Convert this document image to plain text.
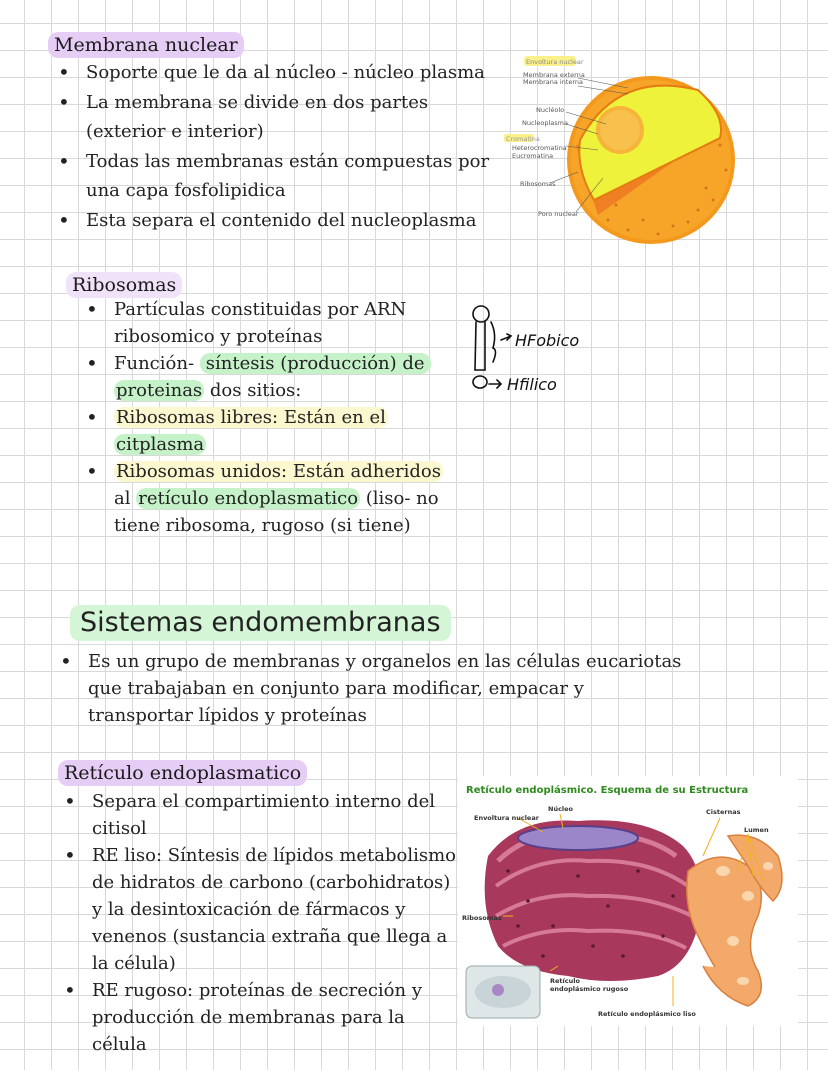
Membrana nuclear
• Soporte que le da al núcleo - núcleo plasma
• La membrana se divide en dos partes
(exterior e interior)
• Todas las membranas están compuestas por
una capa fosfolipidica
• Esta separa el contenido del nucleoplasma
Envoltura nuclear
Membrana externa
Membrana interna
Nucléolo
Nucleoplasma
Cromatina
Heterocromatina
Eucromatina
Ribosomas
Poro nuclear
Ribosomas
• Partículas constituidas por ARN
ribosomico y proteínas
• Función- síntesis (producción) de
proteinas dos sitios:
• Ribosomas libres: Están en el
citplasma
• Ribosomas unidos: Están adheridos
al retículo endoplasmatico (liso- no
tiene ribosoma, rugoso (si tiene)
HFobico
Hfilico
Sistemas endomembranas
• Es un grupo de membranas y organelos en las células eucariotas
que trabajaban en conjunto para modificar, empacar y
transportar lípidos y proteínas
Retículo endoplasmatico
• Separa el compartimiento interno del
citisol
• RE liso: Síntesis de lípidos metabolismo
de hidratos de carbono (carbohidratos)
y la desintoxicación de fármacos y
venenos (sustancia extraña que llega a
la célula)
• RE rugoso: proteínas de secreción y
producción de membranas para la
célula
Retículo endoplásmico. Esquema de su Estructura
Envoltura nuclear
Núcleo	Cisternas
Lumen
Ribosomas
Retículo
endoplásmico rugoso
Retículo endoplásmico liso
